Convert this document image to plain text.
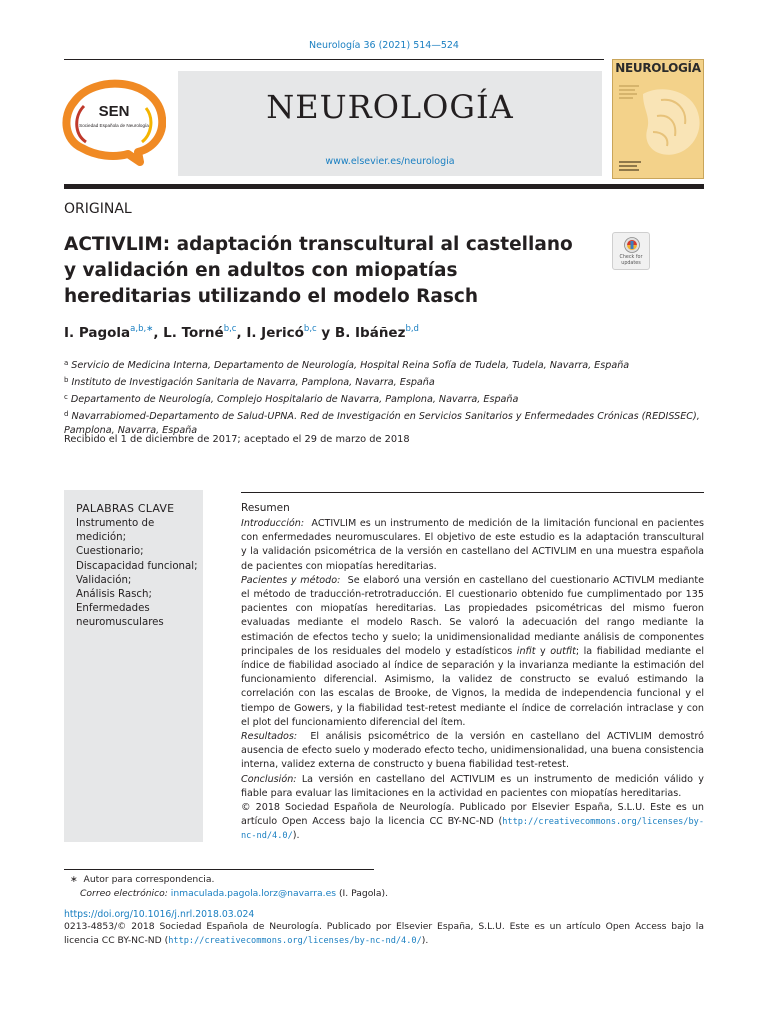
Neurología 36 (2021) 514—524
SEN
Sociedad Española de Neurología	NEUROLOGÍA
www.elsevier.es/neurologia
NEUROLOGÍA
ORIGINAL
ACTIVLIM: adaptación transcultural al castellano y validación en adultos con miopatías hereditarias utilizando el modelo Rasch
Check for updates
I. Pagola$^{a,b,∗}$, L. Torné$^{b,c}$, I. Jericó$^{b,c}$ y B. Ibáñez$^{b,d}$
$^a$ Servicio de Medicina Interna, Departamento de Neurología, Hospital Reina Sofía de Tudela, Tudela, Navarra, España
$^b$ Instituto de Investigación Sanitaria de Navarra, Pamplona, Navarra, España
$^c$ Departamento de Neurología, Complejo Hospitalario de Navarra, Pamplona, Navarra, España
$^d$ Navarrabiomed-Departamento de Salud-UPNA. Red de Investigación en Servicios Sanitarios y Enfermedades Crónicas (REDISSEC), Pamplona, Navarra, España
Recibido el 1 de diciembre de 2017; aceptado el 29 de marzo de 2018
PALABRAS CLAVE
Instrumento de medición;
Cuestionario;
Discapacidad funcional;
Validación;
Análisis Rasch;
Enfermedades neuromusculares
Resumen

Introducción: ACTIVLIM es un instrumento de medición de la limitación funcional en pacientes con enfermedades neuromusculares. El objetivo de este estudio es la adaptación transcultural y la validación psicométrica de la versión en castellano del ACTIVLIM en una muestra española de pacientes con miopatías hereditarias.

Pacientes y método: Se elaboró una versión en castellano del cuestionario ACTIVLM mediante el método de traducción-retrotraducción. El cuestionario obtenido fue cumplimentado por 135 pacientes con miopatías hereditarias. Las propiedades psicométricas del mismo fueron evaluadas mediante el modelo Rasch. Se valoró la adecuación del rango mediante la estimación de efectos techo y suelo; la unidimensionalidad mediante análisis de componentes principales de los residuales del modelo y estadísticos infit y outfit; la fiabilidad mediante el índice de fiabilidad asociado al índice de separación y la invarianza mediante la estimación del funcionamiento diferencial. Asimismo, la validez de constructo se evaluó estimando la correlación con las escalas de Brooke, de Vignos, la medida de independencia funcional y el tiempo de Gowers, y la fiabilidad test-retest mediante el índice de correlación intraclase y con el plot del funcionamiento diferencial del ítem.

Resultados: El análisis psicométrico de la versión en castellano del ACTIVLIM demostró ausencia de efecto suelo y moderado efecto techo, unidimensionalidad, una buena consistencia interna, validez externa de constructo y buena fiabilidad test-retest.

Conclusión: La versión en castellano del ACTIVLIM es un instrumento de medición válido y fiable para evaluar las limitaciones en la actividad en pacientes con miopatías hereditarias.

© 2018 Sociedad Española de Neurología. Publicado por Elsevier España, S.L.U. Este es un artículo Open Access bajo la licencia CC BY-NC-ND (http://creativecommons.org/licenses/by-nc-nd/4.0/).

∗ Autor para correspondencia.
Correo electrónico: inmaculada.pagola.lorz@navarra.es (I. Pagola).
https://doi.org/10.1016/j.nrl.2018.03.024
0213-4853/© 2018 Sociedad Española de Neurología. Publicado por Elsevier España, S.L.U. Este es un artículo Open Access bajo la licencia CC BY-NC-ND (http://creativecommons.org/licenses/by-nc-nd/4.0/).
